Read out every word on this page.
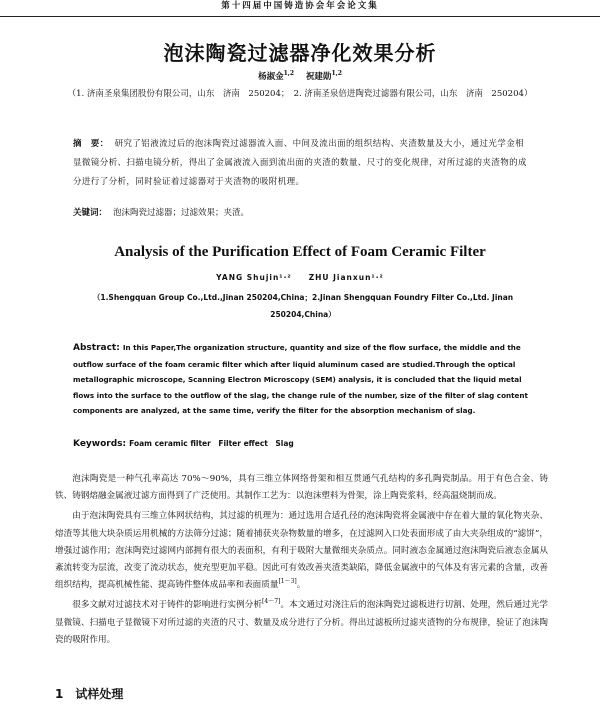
第十四届中国铸造协会年会论文集
泡沫陶瓷过滤器净化效果分析
杨淑金$^{1,2}$ 祝建勋$^{1,2}$
（1. 济南圣泉集团股份有限公司，山东　济南　250204；　2. 济南圣泉倍进陶瓷过滤器有限公司，山东　济南　250204）
摘　要： 研究了铝液流过后的泡沫陶瓷过滤器流入面、中间及流出面的组织结构、夹渣数量及大小，通过光学金相显微镜分析、扫描电镜分析，得出了金属液流入面到流出面的夹渣的数量、尺寸的变化规律，对所过滤的夹渣物的成分进行了分析，同时验证着过滤器对于夹渣物的吸附机理。
关键词： 泡沫陶瓷过滤器；过滤效果；夹渣。
Analysis of the Purification Effect of Foam Ceramic Filter
YANG Shujin¹·²　　ZHU Jianxun¹·²
（1.Shengquan Group Co.,Ltd.,Jinan 250204,China；2.Jinan Shengquan Foundry Filter Co.,Ltd. Jinan 250204,China）
Abstract: In this Paper,The organization structure, quantity and size of the flow surface, the middle and the outflow surface of the foam ceramic filter which after liquid aluminum cased are studied.Through the optical metallographic microscope, Scanning Electron Microscopy (SEM) analysis, it is concluded that the liquid metal flows into the surface to the outflow of the slag, the change rule of the number, size of the filter of slag content components are analyzed, at the same time, verify the filter for the absorption mechanism of slag.
Keywords: Foam ceramic filter　Filter effect　Slag

泡沫陶瓷是一种气孔率高达 70%～90%，具有三维立体网络骨架和相互贯通气孔结构的多孔陶瓷制品。用于有色合金、铸铁、铸钢熔融金属液过滤方面得到了广泛使用。其制作工艺为：以泡沫塑料为骨架，涂上陶瓷浆料，经高温烧制而成。

由于泡沫陶瓷具有三维立体网状结构，其过滤的机理为：通过选用合适孔径的泡沫陶瓷将金属液中存在着大量的氧化物夹杂、熔渣等其他大块杂质运用机械的方法筛分过滤；随着捕获夹杂物数量的增多，在过滤网入口处表面形成了由大夹杂组成的“滤饼”，增强过滤作用；泡沫陶瓷过滤网内部拥有很大的表面积，有利于吸附大量微细夹杂质点。同时液态金属通过泡沫陶瓷后液态金属从紊流转变为层流，改变了流动状态，使充型更加平稳。因此可有效改善夹渣类缺陷，降低金属液中的气体及有害元素的含量，改善组织结构，提高机械性能、提高铸件整体成品率和表面质量[1～3]。

很多文献对过滤技术对于铸件的影响进行实例分析[4～7]。本文通过对浇注后的泡沫陶瓷过滤板进行切割、处理，然后通过光学显微镜、扫描电子显微镜下对所过滤的夹渣的尺寸、数量及成分进行了分析。得出过滤板所过滤夹渣物的分布规律，验证了泡沫陶瓷的吸附作用。

1 试样处理
